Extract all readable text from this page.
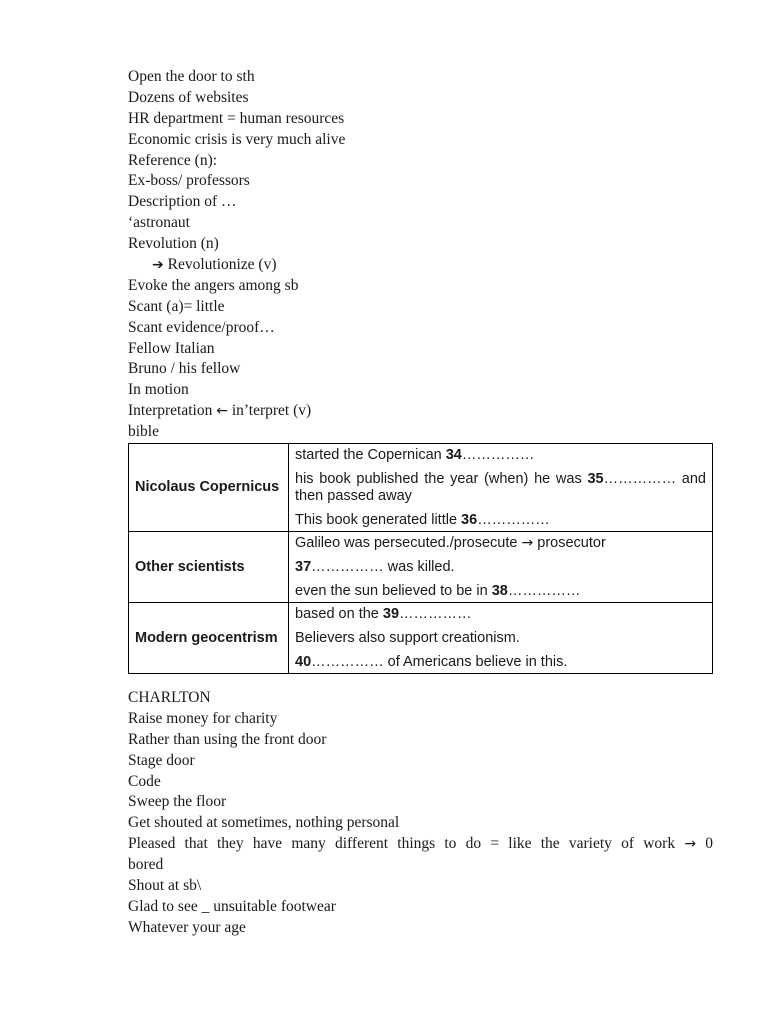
Open the door to sth
Dozens of websites
HR department = human resources
Economic crisis is very much alive
Reference (n):
Ex-boss/ professors
Description of …
‘astronaut
Revolution (n)
➔ Revolutionize (v)
Evoke the angers among sb
Scant (a)= little
Scant evidence/proof…
Fellow Italian
Bruno / his fellow
In motion
Interpretation ← in’terpret (v)
bible
Nicolaus Copernicus	started the Copernican 34……………
his book published the year (when) he was 35…………… and then passed away
This book generated little 36……………

Other scientists	Galileo was persecuted./prosecute → prosecutor
37…………… was killed.
even the sun believed to be in 38……………

Modern geocentrism	based on the 39……………
Believers also support creationism.
40…………… of Americans believe in this.
CHARLTON
Raise money for charity
Rather than using the front door
Stage door
Code
Sweep the floor
Get shouted at sometimes, nothing personal
Pleased that they have many different things to do = like the variety of work → 0
bored
Shout at sb\
Glad to see _ unsuitable footwear
Whatever your age
